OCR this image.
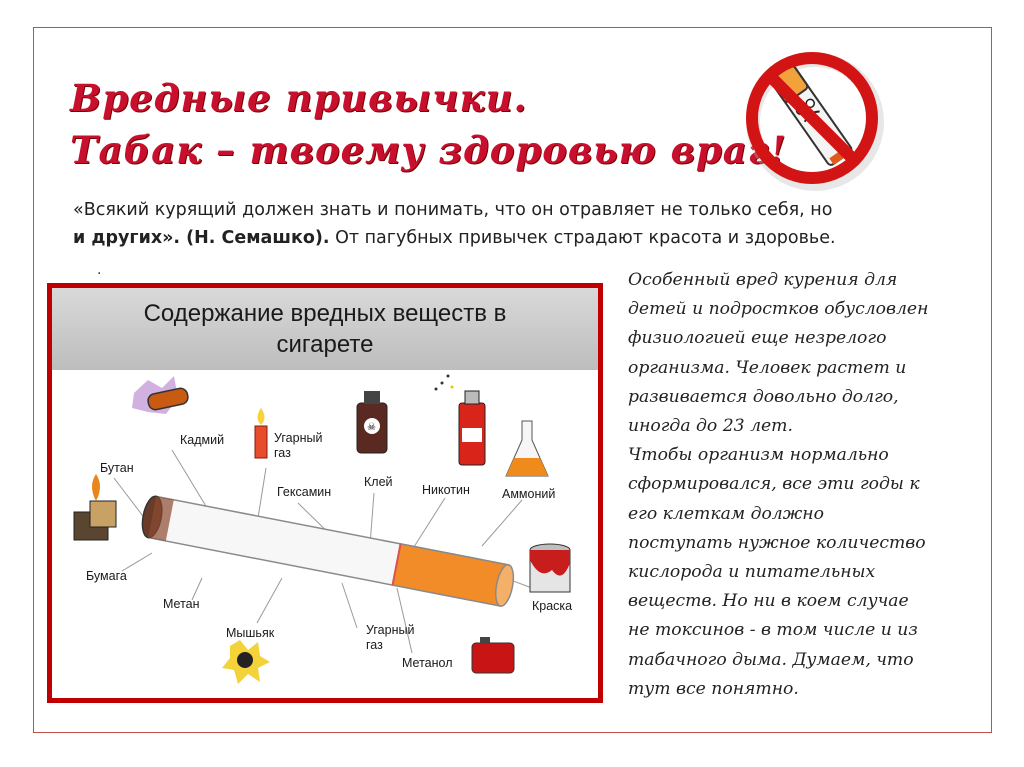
Вредные привычки.
Табак – твоему здоровью враг!

«Всякий курящий должен знать и понимать, что он отравляет не только себя, но
и других». (Н. Семашко). От пагубных привычек страдают красота и здоровье.

.
Содержание вредных веществ в
сигарете
☠
Кадмий	Угарный
газ
Бутан
Клей
Никотин	Аммоний
Гексамин
Бумага
Метан
Мышьяк	Угарный
газ
Метанол
Краска
Особенный вред курения для
детей и подростков обусловлен
физиологией еще незрелого
организма. Человек растет и
развивается довольно долго,
иногда до 23 лет.
Чтобы организм нормально
сформировался, все эти годы к
его клеткам должно
поступать нужное количество
кислорода и питательных
веществ. Но ни в коем случае
не токсинов - в том числе и из
табачного дыма. Думаем, что
тут все понятно.
